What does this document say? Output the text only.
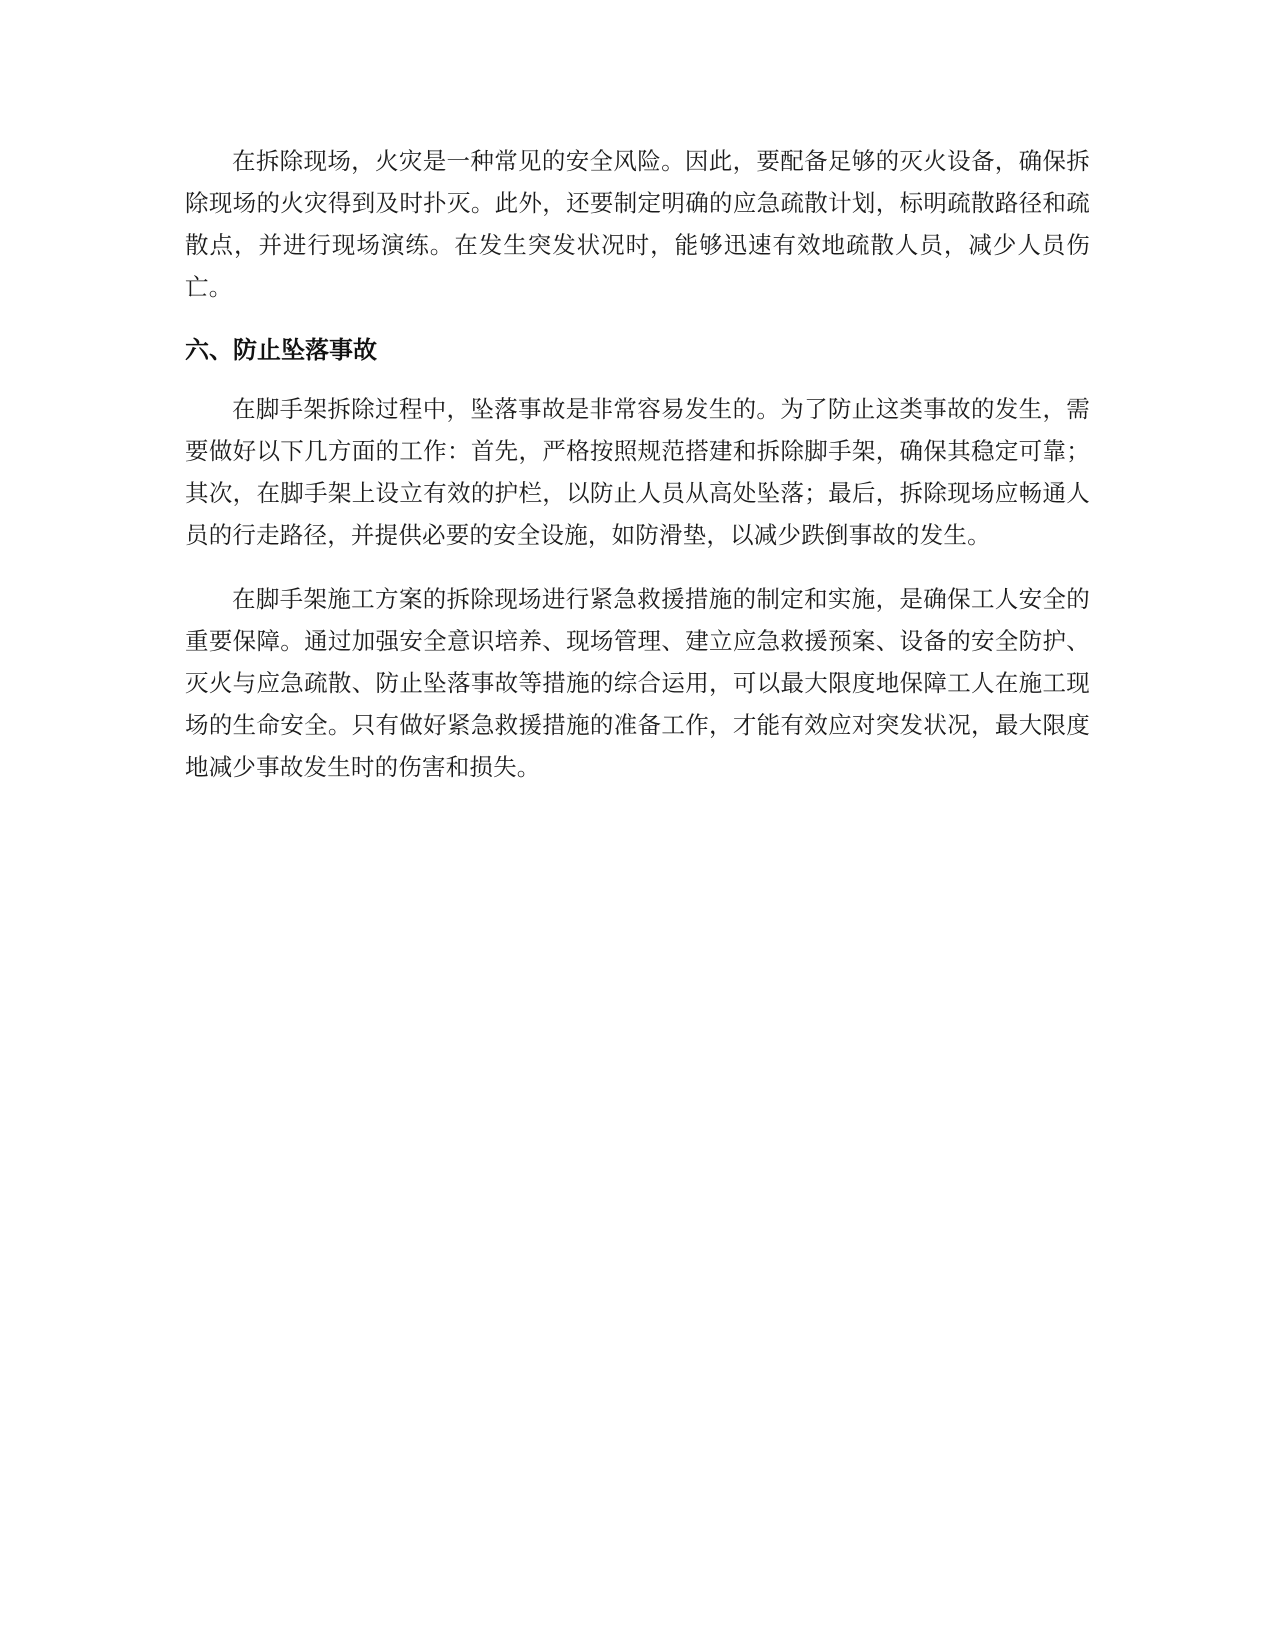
在拆除现场，火灾是一种常见的安全风险。因此，要配备足够的灭火设备，确保拆除现场的火灾得到及时扑灭。此外，还要制定明确的应急疏散计划，标明疏散路径和疏散点，并进行现场演练。在发生突发状况时，能够迅速有效地疏散人员，减少人员伤亡。

六、防止坠落事故

在脚手架拆除过程中，坠落事故是非常容易发生的。为了防止这类事故的发生，需要做好以下几方面的工作：首先，严格按照规范搭建和拆除脚手架，确保其稳定可靠；其次，在脚手架上设立有效的护栏，以防止人员从高处坠落；最后，拆除现场应畅通人员的行走路径，并提供必要的安全设施，如防滑垫，以减少跌倒事故的发生。

在脚手架施工方案的拆除现场进行紧急救援措施的制定和实施，是确保工人安全的重要保障。通过加强安全意识培养、现场管理、建立应急救援预案、设备的安全防护、灭火与应急疏散、防止坠落事故等措施的综合运用，可以最大限度地保障工人在施工现场的生命安全。只有做好紧急救援措施的准备工作，才能有效应对突发状况，最大限度地减少事故发生时的伤害和损失。
